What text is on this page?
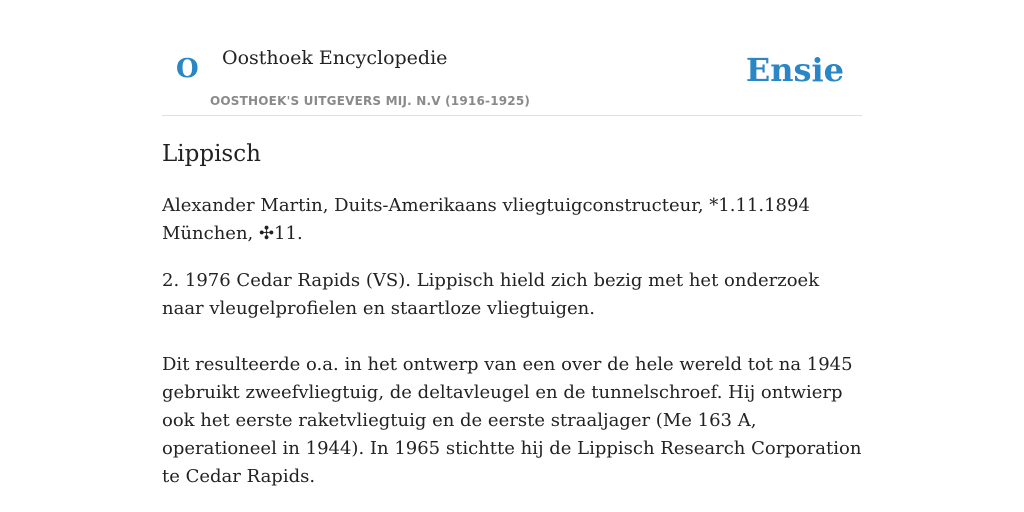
O Oosthoek Encyclopedie
OOSTHOEK'S UITGEVERS MIJ. N.V (1916-1925)
Ensie
Lippisch

Alexander Martin, Duits-Amerikaans vliegtuigconstructeur, *1.11.1894 München, ✣11.

2. 1976 Cedar Rapids (VS). Lippisch hield zich bezig met het onderzoek naar vleugelprofielen en staartloze vliegtuigen.

Dit resulteerde o.a. in het ontwerp van een over de hele wereld tot na 1945 gebruikt zweefvliegtuig, de deltavleugel en de tunnelschroef. Hij ontwierp ook het eerste raketvliegtuig en de eerste straaljager (Me 163 A, operationeel in 1944). In 1965 stichtte hij de Lippisch Research Corporation te Cedar Rapids.
